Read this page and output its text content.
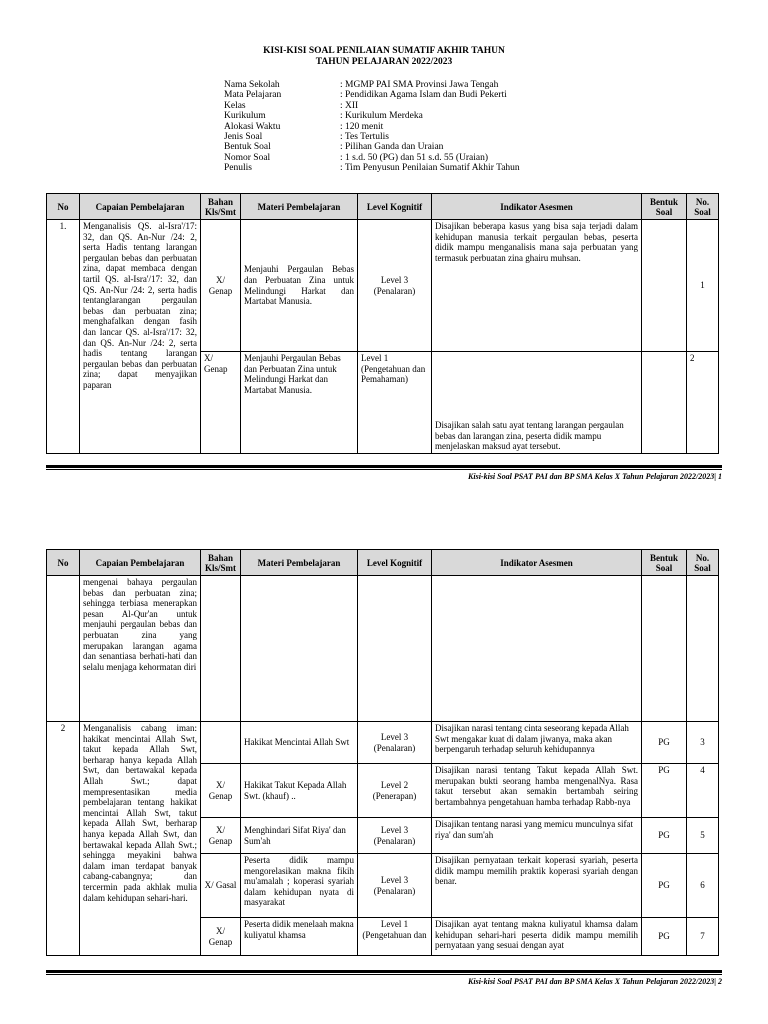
KISI-KISI SOAL PENILAIAN SUMATIF AKHIR TAHUN
TAHUN PELAJARAN 2022/2023
Nama Sekolah	: MGMP PAI SMA Provinsi Jawa Tengah
Mata Pelajaran	: Pendidikan Agama Islam dan Budi Pekerti
Kelas	: XII
Kurikulum	: Kurikulum Merdeka
Alokasi Waktu	: 120 menit
Jenis Soal	: Tes Tertulis
Bentuk Soal	: Pilihan Ganda dan Uraian
Nomor Soal	: 1 s.d. 50 (PG) dan 51 s.d. 55 (Uraian)
Penulis	: Tim Penyusun Penilaian Sumatif Akhir Tahun
No	Capaian Pembelajaran	Bahan Kls/Smt	Materi Pembelajaran	Level Kognitif	Indikator Asesmen	Bentuk Soal	No. Soal
1.	Menganalisis QS. al-Isra'/17: 32, dan QS. An-Nur /24: 2, serta Hadis tentang larangan pergaulan bebas dan perbuatan zina, dapat membaca dengan tartil QS. al-Isra'/17: 32, dan QS. An-Nur /24: 2, serta hadis tentanglarangan pergaulan bebas dan perbuatan zina; menghafalkan dengan fasih dan lancar QS. al-Isra'/17: 32, dan QS. An-Nur /24: 2, serta hadis tentang larangan pergaulan bebas dan perbuatan zina; dapat menyajikan paparan	X/ Genap	Menjauhi Pergaulan Bebas dan Perbuatan Zina untuk Melindungi Harkat dan Martabat Manusia.	Level 3 (Penalaran)	Disajikan beberapa kasus yang bisa saja terjadi dalam kehidupan manusia terkait pergaulan bebas, peserta didik mampu menganalisis mana saja perbuatan yang termasuk perbuatan zina ghairu muhsan.		1
		X/ Genap	Menjauhi Pergaulan Bebas dan Perbuatan Zina untuk Melindungi Harkat dan Martabat Manusia.	Level 1 (Pengetahuan dan Pemahaman)	Disajikan salah satu ayat tentang larangan pergaulan bebas dan larangan zina, peserta didik mampu menjelaskan maksud ayat tersebut.		2
Kisi-kisi Soal PSAT PAI dan BP SMA Kelas X Tahun Pelajaran 2022/2023| 1
No	Capaian Pembelajaran	Bahan Kls/Smt	Materi Pembelajaran	Level Kognitif	Indikator Asesmen	Bentuk Soal	No. Soal
	mengenai bahaya pergaulan bebas dan perbuatan zina; sehingga terbiasa menerapkan pesan Al-Qur'an untuk menjauhi pergaulan bebas dan perbuatan zina yang merupakan larangan agama dan senantiasa berhati-hati dan selalu menjaga kehormatan diri						
2	Menganalisis cabang iman: hakikat mencintai Allah Swt, takut kepada Allah Swt, berharap hanya kepada Allah Swt, dan bertawakal kepada Allah Swt.; dapat mempresentasikan media pembelajaran tentang hakikat mencintai Allah Swt, takut kepada Allah Swt, berharap hanya kepada Allah Swt, dan bertawakal kepada Allah Swt.; sehingga meyakini bahwa dalam iman terdapat banyak cabang-cabangnya; dan tercermin pada akhlak mulia dalam kehidupan sehari-hari.		Hakikat Mencintai Allah Swt	Level 3 (Penalaran)	Disajikan narasi tentang cinta seseorang kepada Allah Swt mengakar kuat di dalam jiwanya, maka akan berpengaruh terhadap seluruh kehidupannya	PG	3
		X/ Genap	Hakikat Takut Kepada Allah Swt. (khauf) ..	Level 2 (Penerapan)	Disajikan narasi tentang Takut kepada Allah Swt. merupakan bukti seorang hamba mengenalNya. Rasa takut tersebut akan semakin bertambah seiring bertambahnya pengetahuan hamba terhadap Rabb-nya	PG	4
		X/ Genap	Menghindari Sifat Riya' dan Sum'ah	Level 3 (Penalaran)	Disajikan tentang narasi yang memicu munculnya sifat riya' dan sum'ah	PG	5
		X/ Gasal	Peserta didik mampu mengorelasikan makna fikih mu'amalah ; koperasi syariah dalam kehidupan nyata di masyarakat	Level 3 (Penalaran)	Disajikan pernyataan terkait koperasi syariah, peserta didik mampu memilih praktik koperasi syariah dengan benar.	PG	6
		X/ Genap	Peserta didik menelaah makna kuliyatul khamsa	Level 1 (Pengetahuan dan	Disajikan ayat tentang makna kuliyatul khamsa dalam kehidupan sehari-hari peserta didik mampu memilih pernyataan yang sesuai dengan ayat	PG	7
Kisi-kisi Soal PSAT PAI dan BP SMA Kelas X Tahun Pelajaran 2022/2023| 2
